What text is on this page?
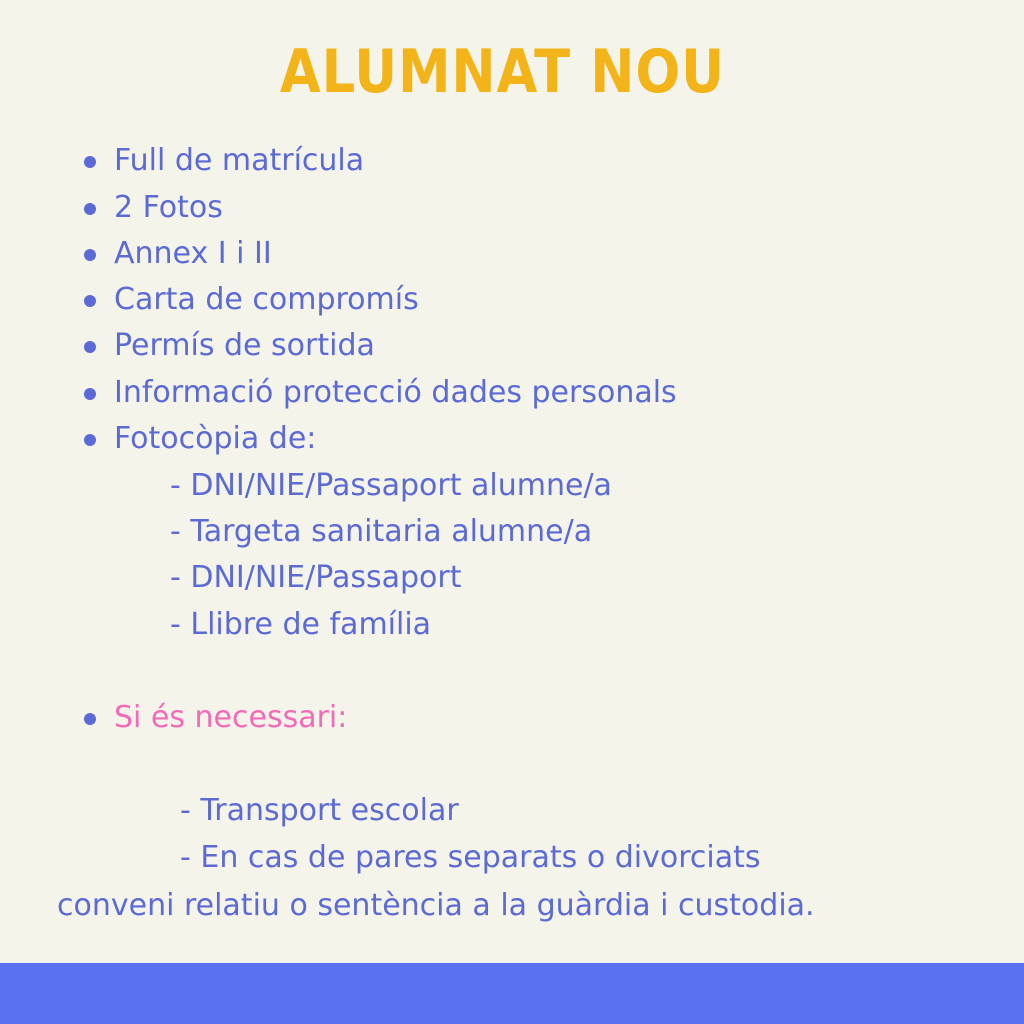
ALUMNAT NOU
Full de matrícula
2 Fotos
Annex I i II
Carta de compromís
Permís de sortida
Informació protecció dades personals
Fotocòpia de:
- DNI/NIE/Passaport alumne/a
- Targeta sanitaria alumne/a
- DNI/NIE/Passaport
- Llibre de família
Si és necessari:
- Transport escolar
- En cas de pares separats o divorciats
conveni relatiu o sentència a la guàrdia i custodia.
